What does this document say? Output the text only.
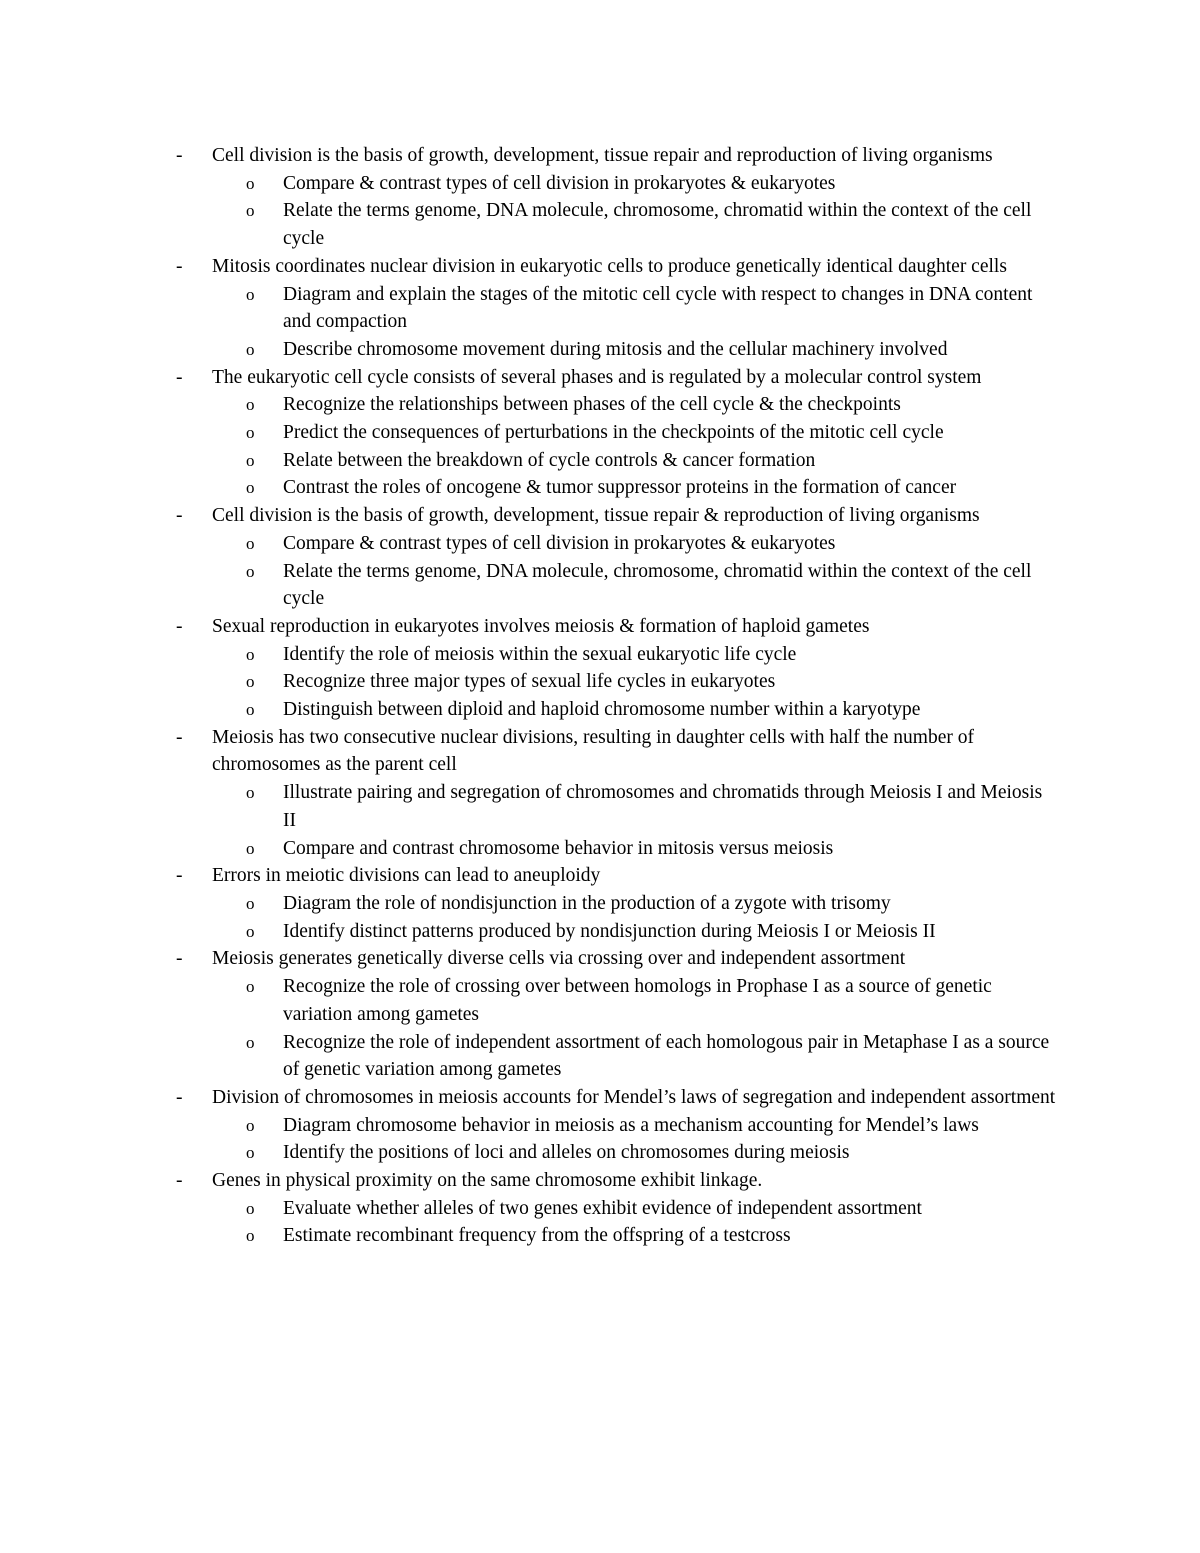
-	Cell division is the basis of growth, development, tissue repair and reproduction of living organisms
o	Compare & contrast types of cell division in prokaryotes & eukaryotes
o	Relate the terms genome, DNA molecule, chromosome, chromatid within the context of the cell cycle
-	Mitosis coordinates nuclear division in eukaryotic cells to produce genetically identical daughter cells
o	Diagram and explain the stages of the mitotic cell cycle with respect to changes in DNA content and compaction
o	Describe chromosome movement during mitosis and the cellular machinery involved
-	The eukaryotic cell cycle consists of several phases and is regulated by a molecular control system
o	Recognize the relationships between phases of the cell cycle & the checkpoints
o	Predict the consequences of perturbations in the checkpoints of the mitotic cell cycle
o	Relate between the breakdown of cycle controls & cancer formation
o	Contrast the roles of oncogene & tumor suppressor proteins in the formation of cancer
-	Cell division is the basis of growth, development, tissue repair & reproduction of living organisms
o	Compare & contrast types of cell division in prokaryotes & eukaryotes
o	Relate the terms genome, DNA molecule, chromosome, chromatid within the context of the cell cycle
-	Sexual reproduction in eukaryotes involves meiosis & formation of haploid gametes
o	Identify the role of meiosis within the sexual eukaryotic life cycle
o	Recognize three major types of sexual life cycles in eukaryotes
o	Distinguish between diploid and haploid chromosome number within a karyotype
-	Meiosis has two consecutive nuclear divisions, resulting in daughter cells with half the number of chromosomes as the parent cell
o	Illustrate pairing and segregation of chromosomes and chromatids through Meiosis I and Meiosis II
o	Compare and contrast chromosome behavior in mitosis versus meiosis
-	Errors in meiotic divisions can lead to aneuploidy
o	Diagram the role of nondisjunction in the production of a zygote with trisomy
o	Identify distinct patterns produced by nondisjunction during Meiosis I or Meiosis II
-	Meiosis generates genetically diverse cells via crossing over and independent assortment
o	Recognize the role of crossing over between homologs in Prophase I as a source of genetic variation among gametes
o	Recognize the role of independent assortment of each homologous pair in Metaphase I as a source of genetic variation among gametes
-	Division of chromosomes in meiosis accounts for Mendel’s laws of segregation and independent assortment
o	Diagram chromosome behavior in meiosis as a mechanism accounting for Mendel’s laws
o	Identify the positions of loci and alleles on chromosomes during meiosis
-	Genes in physical proximity on the same chromosome exhibit linkage.
o	Evaluate whether alleles of two genes exhibit evidence of independent assortment
o	Estimate recombinant frequency from the offspring of a testcross
